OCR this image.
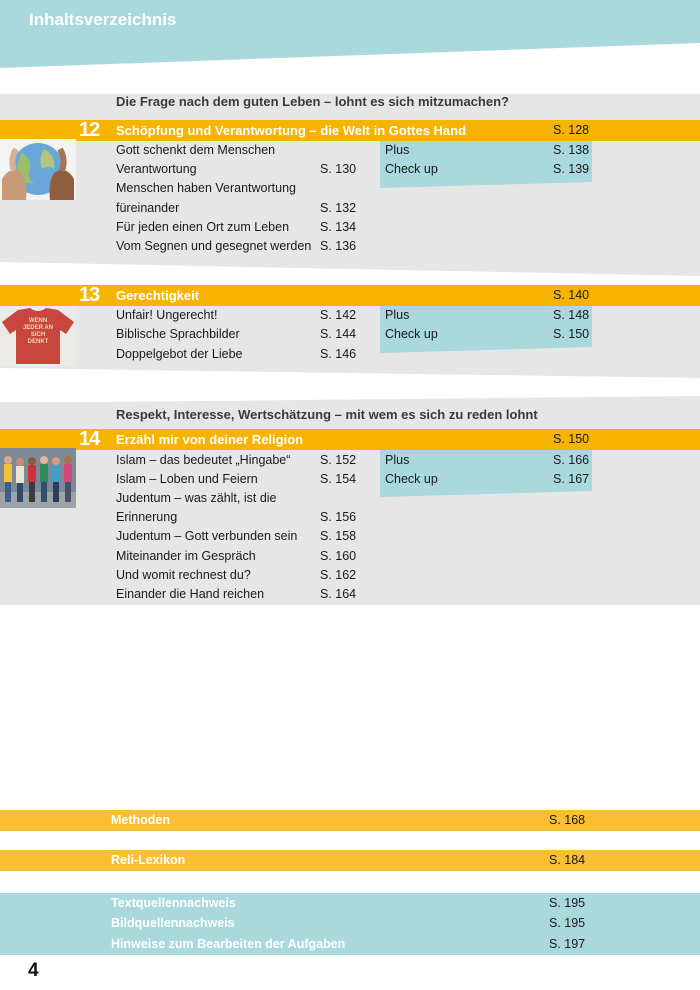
Inhaltsverzeichnis
Die Frage nach dem guten Leben – lohnt es sich mitzumachen?
12 Schöpfung und Verantwortung – die Welt in Gottes Hand	S. 128
Gott schenkt dem Menschen
Verantwortung	S. 130
Menschen haben Verantwortung
füreinander	S. 132
Für jeden einen Ort zum Leben S. 134
Vom Segnen und gesegnet werden S. 136
Plus	S. 138
Check up	S. 139
13 Gerechtigkeit	S. 140
WENN JEDER AN SICH DENKT
Unfair! Ungerecht!	S. 142
Biblische Sprachbilder	S. 144
Doppelgebot der Liebe	S. 146
Plus	S. 148
Check up	S. 150
Respekt, Interesse, Wertschätzung – mit wem es sich zu reden lohnt
14 Erzähl mir von deiner Religion	S. 150
Islam – das bedeutet „Hingabe“ S. 152
Islam – Loben und Feiern	S. 154
Judentum – was zählt, ist die
Erinnerung	S. 156
Judentum – Gott verbunden sein S. 158
Miteinander im Gespräch	S. 160
Und womit rechnest du?	S. 162
Einander die Hand reichen	S. 164
Plus	S. 166
Check up	S. 167
Methoden	S. 168
Reli-Lexikon	S. 184
Textquellennachweis	S. 195
Bildquellennachweis	S. 195
Hinweise zum Bearbeiten der Aufgaben	S. 197
4
